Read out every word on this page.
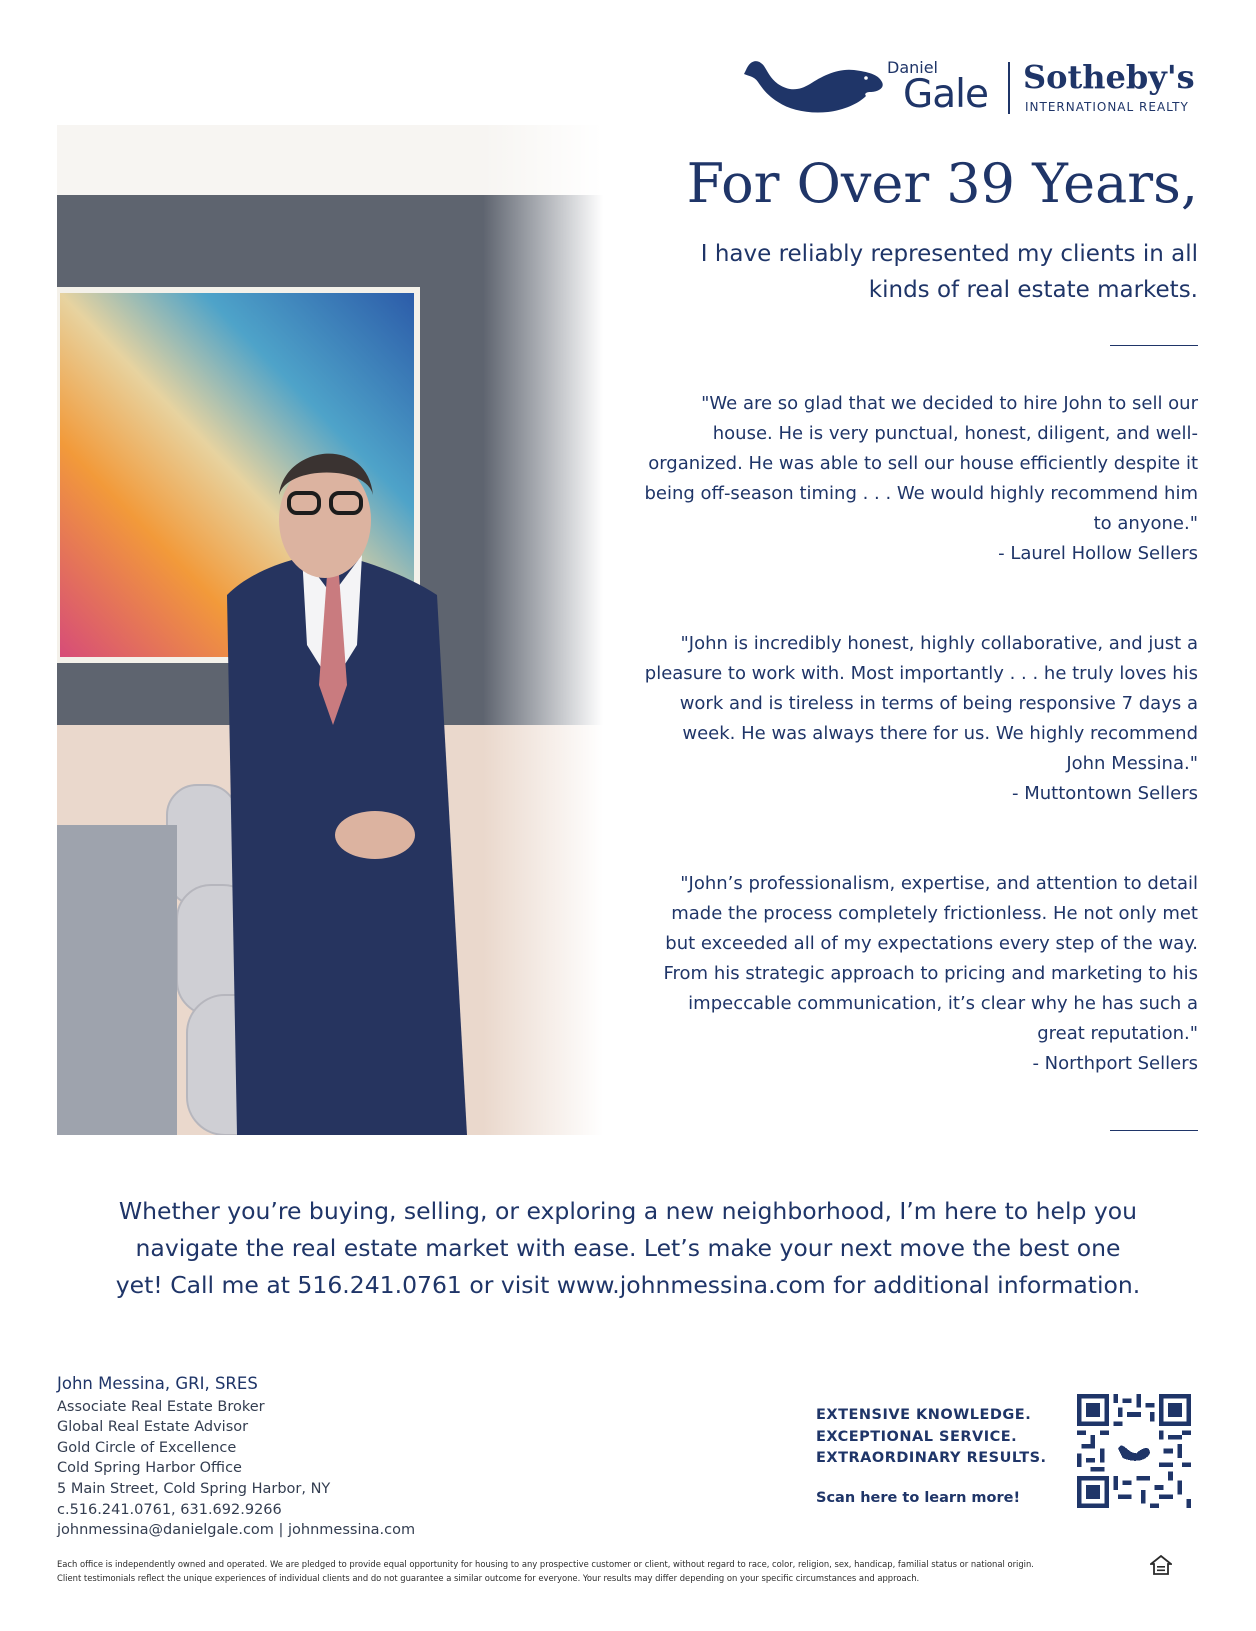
Daniel
Gale Sotheby's
INTERNATIONAL REALTY
For Over 39 Years,
I have reliably represented my clients in all kinds of real estate markets.
"We are so glad that we decided to hire John to sell our house. He is very punctual, honest, diligent, and well-organized. He was able to sell our house efficiently despite it being off-season timing . . . We would highly recommend him to anyone."
- Laurel Hollow Sellers
"John is incredibly honest, highly collaborative, and just a pleasure to work with. Most importantly . . . he truly loves his work and is tireless in terms of being responsive 7 days a week. He was always there for us. We highly recommend John Messina."
- Muttontown Sellers
"John’s professionalism, expertise, and attention to detail made the process completely frictionless. He not only met but exceeded all of my expectations every step of the way. From his strategic approach to pricing and marketing to his impeccable communication, it’s clear why he has such a great reputation."
- Northport Sellers
Whether you’re buying, selling, or exploring a new neighborhood, I’m here to help you navigate the real estate market with ease. Let’s make your next move the best one yet! Call me at 516.241.0761 or visit www.johnmessina.com for additional information.
John Messina, GRI, SRES
Associate Real Estate Broker
Global Real Estate Advisor
Gold Circle of Excellence
Cold Spring Harbor Office
5 Main Street, Cold Spring Harbor, NY
c.516.241.0761, 631.692.9266
johnmessina@danielgale.com | johnmessina.com
EXTENSIVE KNOWLEDGE.
EXCEPTIONAL SERVICE.
EXTRAORDINARY RESULTS.
Scan here to learn more!
Each office is independently owned and operated. We are pledged to provide equal opportunity for housing to any prospective customer or client, without regard to race, color, religion, sex, handicap, familial status or national origin.
Client testimonials reflect the unique experiences of individual clients and do not guarantee a similar outcome for everyone. Your results may differ depending on your specific circumstances and approach.
